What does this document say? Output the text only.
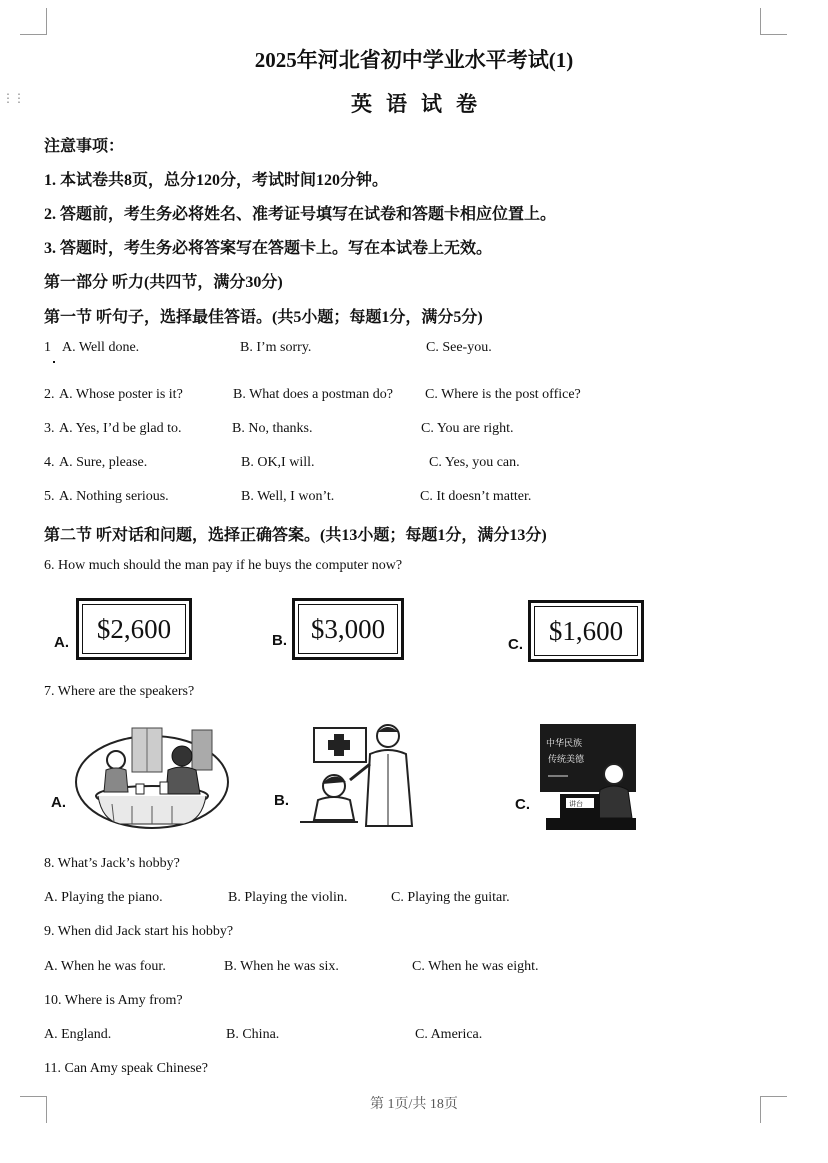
⋮⋮
2025年河北省初中学业水平考试(1)
英语试卷
注意事项：
1. 本试卷共8页，总分120分，考试时间120分钟。
2. 答题前，考生务必将姓名、准考证号填写在试卷和答题卡相应位置上。
3. 答题时，考生务必将答案写在答题卡上。写在本试卷上无效。
第一部分 听力(共四节，满分30分)
第一节 听句子，选择最佳答语。(共5小题；每题1分，满分5分)
1 A. Well done.	B. I’m sorry.	C. See-you.
2. A. Whose poster is it?	B. What does a postman do? C. Where is the post office?
3. A. Yes, I’d be glad to.	B. No, thanks.	C. You are right.
4. A. Sure, please.	B. OK,I will.	C. Yes, you can.
5. A. Nothing serious.	B. Well, I won’t.	C. It doesn’t matter.
第二节 听对话和问题，选择正确答案。(共13小题；每题1分，满分13分)
6. How much should the man pay if he buys the computer now?
A. $2,600	B. $3,000
C. $1,600
7. Where are the speakers?
A.	B.	C.
中华民族
传统美德
讲台
8. What’s Jack’s hobby?
A. Playing the piano.	B. Playing the violin.	C. Playing the guitar.
9. When did Jack start his hobby?
A. When he was four.	B. When he was six.	C. When he was eight.
10. Where is Amy from?
A. England.	B. China.	C. America.
11. Can Amy speak Chinese?
第 1页/共 18页
